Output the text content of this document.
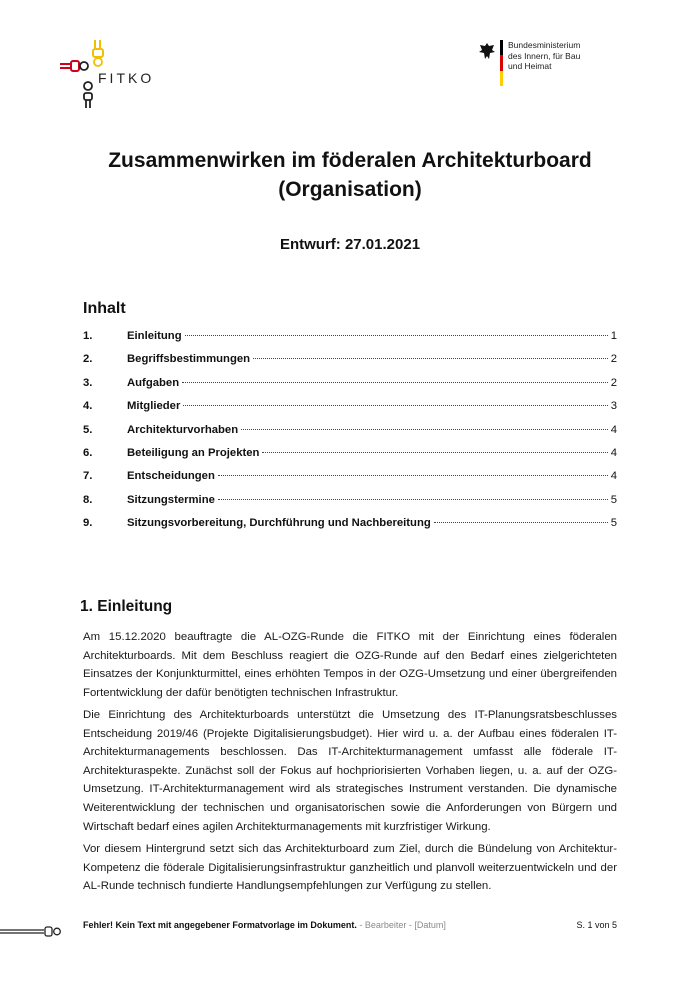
FITKO
Bundesministerium
des Innern, für Bau
und Heimat
Zusammenwirken im föderalen Architekturboard
(Organisation)
Entwurf: 27.01.2021
Inhalt
1.	Einleitung	1
2.	Begriffsbestimmungen	2
3.	Aufgaben	2
4.	Mitglieder	3
5.	Architekturvorhaben	4
6.	Beteiligung an Projekten	4
7.	Entscheidungen	4
8.	Sitzungstermine	5
9.	Sitzungsvorbereitung, Durchführung und Nachbereitung	5
1. Einleitung
Am 15.12.2020 beauftragte die AL-OZG-Runde die FITKO mit der Einrichtung eines föderalen Architekturboards. Mit dem Beschluss reagiert die OZG-Runde auf den Bedarf eines zielgerichteten Einsatzes der Konjunkturmittel, eines erhöhten Tempos in der OZG-Umsetzung und einer übergreifenden Fortentwicklung der dafür benötigten technischen Infrastruktur.
Die Einrichtung des Architekturboards unterstützt die Umsetzung des IT-Planungsratsbeschlusses Entscheidung 2019/46 (Projekte Digitalisierungsbudget). Hier wird u. a. der Aufbau eines föderalen IT-Architekturmanagements beschlossen. Das IT-Architekturmanagement umfasst alle föderale IT-Architekturaspekte. Zunächst soll der Fokus auf hochpriorisierten Vorhaben liegen, u. a. auf der OZG-Umsetzung. IT-Architekturmanagement wird als strategisches Instrument verstanden. Die dynamische Weiterentwicklung der technischen und organisatorischen sowie die Anforderungen von Bürgern und Wirtschaft bedarf eines agilen Architekturmanagements mit kurzfristiger Wirkung.
Vor diesem Hintergrund setzt sich das Architekturboard zum Ziel, durch die Bündelung von Architektur-Kompetenz die föderale Digitalisierungsinfrastruktur ganzheitlich und planvoll weiterzuentwickeln und der AL-Runde technisch fundierte Handlungsempfehlungen zur Verfügung zu stellen.
Fehler! Kein Text mit angegebener Formatvorlage im Dokument. - Bearbeiter - [Datum]	S. 1 von 5
